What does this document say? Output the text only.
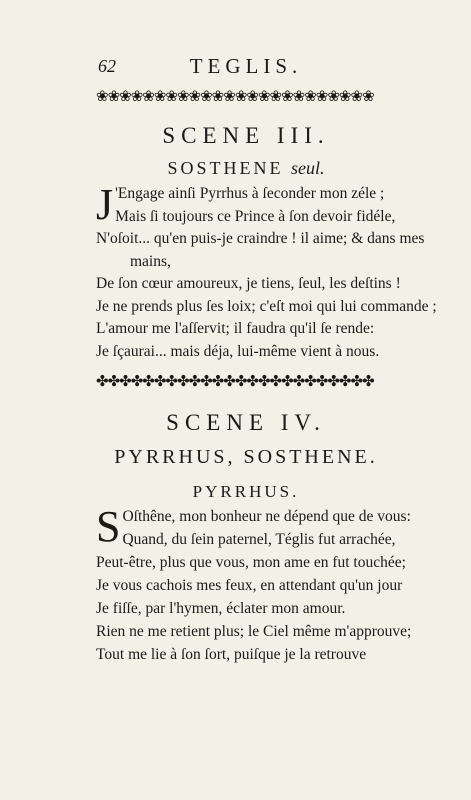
62	TEGLIS.
❀❀❀❀❀❀❀❀❀❀❀❀❀❀❀❀❀❀❀❀❀❀❀❀
SCENE III.
SOSTHENE seul.
J 'Engage ainſi Pyrrhus à ſeconder mon zéle ;
Mais ſi toujours ce Prince à ſon devoir fidéle,
N'oſoit... qu'en puis-je craindre ! il aime; & dans mes
mains,
De ſon cœur amoureux, je tiens, ſeul, les deſtins !
Je ne prends plus ſes loix; c'eſt moi qui lui commande ;
L'amour me l'aſſervit; il faudra qu'il ſe rende:
Je ſçaurai... mais déja, lui-même vient à nous.
✤✤✤✤✤✤✤✤✤✤✤✤✤✤✤✤✤✤✤✤✤✤✤✤
SCENE IV.
PYRRHUS, SOSTHENE.
PYRRHUS.
S Oſthêne, mon bonheur ne dépend que de vous:
Quand, du ſein paternel, Téglis fut arrachée,
Peut-être, plus que vous, mon ame en fut touchée;
Je vous cachois mes feux, en attendant qu'un jour
Je fiſſe, par l'hymen, éclater mon amour.
Rien ne me retient plus; le Ciel même m'approuve;
Tout me lie à ſon ſort, puiſque je la retrouve
